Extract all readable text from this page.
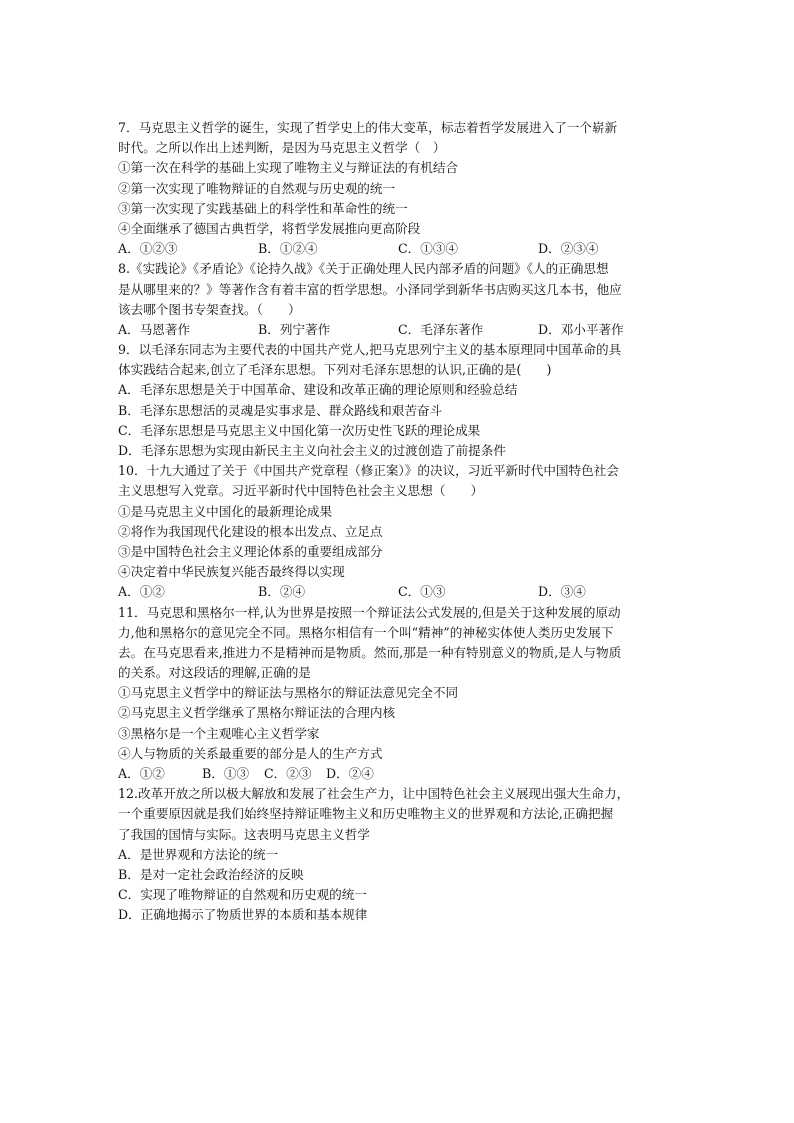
7．马克思主义哲学的诞生，实现了哲学史上的伟大变革，标志着哲学发展进入了一个崭新
时代。之所以作出上述判断，是因为马克思主义哲学（　）
①第一次在科学的基础上实现了唯物主义与辩证法的有机结合
②第一次实现了唯物辩证的自然观与历史观的统一
③第一次实现了实践基础上的科学性和革命性的统一
④全面继承了德国古典哲学，将哲学发展推向更高阶段
A．①②③	B．①②④	C．①③④	D．②③④
8.《实践论》《矛盾论》《论持久战》《关于正确处理人民内部矛盾的问题》《人的正确思想
是从哪里来的？》等著作含有着丰富的哲学思想。小泽同学到新华书店购买这几本书，他应
该去哪个图书专架查找。（　　）
A．马恩著作	B．列宁著作	C．毛泽东著作	D．邓小平著作
9．以毛泽东同志为主要代表的中国共产党人,把马克思列宁主义的基本原理同中国革命的具
体实践结合起来,创立了毛泽东思想。下列对毛泽东思想的认识,正确的是(　　)
A．毛泽东思想是关于中国革命、建设和改革正确的理论原则和经验总结
B．毛泽东思想活的灵魂是实事求是、群众路线和艰苦奋斗
C．毛泽东思想是马克思主义中国化第一次历史性飞跃的理论成果
D．毛泽东思想为实现由新民主主义向社会主义的过渡创造了前提条件
10．十九大通过了关于《中国共产党章程（修正案）》的决议，习近平新时代中国特色社会
主义思想写入党章。习近平新时代中国特色社会主义思想（　　）
①是马克思主义中国化的最新理论成果
②将作为我国现代化建设的根本出发点、立足点
③是中国特色社会主义理论体系的重要组成部分
④决定着中华民族复兴能否最终得以实现
A．①②	B．②④	C．①③	D．③④
11．马克思和黑格尔一样,认为世界是按照一个辩证法公式发展的,但是关于这种发展的原动
力,他和黑格尔的意见完全不同。黑格尔相信有一个叫“精神”的神秘实体使人类历史发展下
去。在马克思看来,推进力不是精神而是物质。然而,那是一种有特别意义的物质,是人与物质
的关系。对这段话的理解,正确的是
①马克思主义哲学中的辩证法与黑格尔的辩证法意见完全不同
②马克思主义哲学继承了黑格尔辩证法的合理内核
③黑格尔是一个主观唯心主义哲学家
④人与物质的关系最重要的部分是人的生产方式
A．①②	B．①③	C．②③	D．②④
12.改革开放之所以极大解放和发展了社会生产力，让中国特色社会主义展现出强大生命力，
一个重要原因就是我们始终坚持辩证唯物主义和历史唯物主义的世界观和方法论,正确把握
了我国的国情与实际。这表明马克思主义哲学
A．是世界观和方法论的统一
B．是对一定社会政治经济的反映
C．实现了唯物辩证的自然观和历史观的统一
D．正确地揭示了物质世界的本质和基本规律
